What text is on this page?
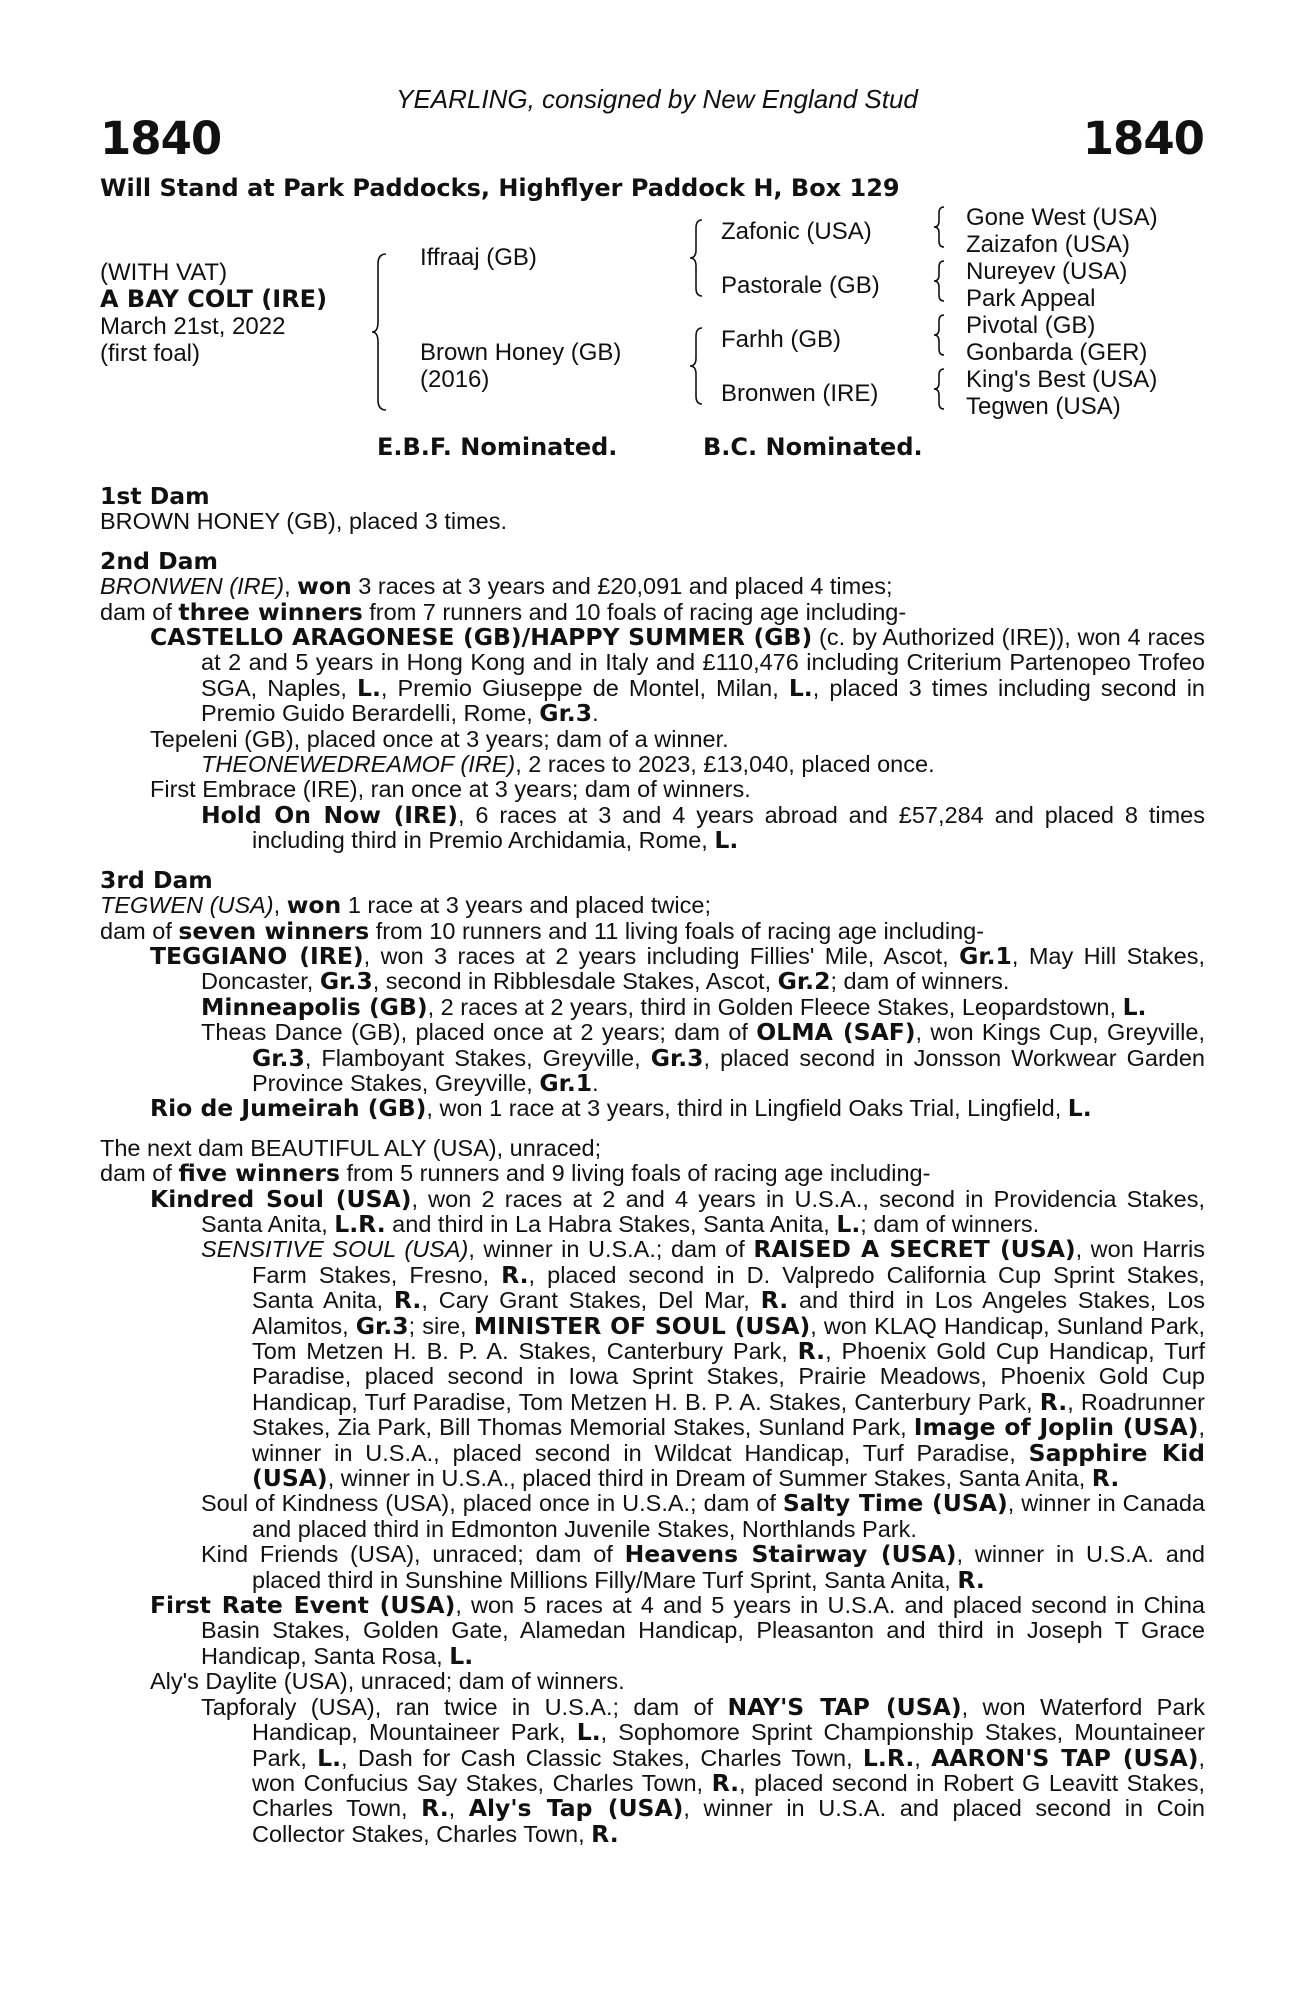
YEARLING, consigned by New England Stud
1840	1840
Will Stand at Park Paddocks, Highflyer Paddock H, Box 129
(WITH VAT)
A BAY COLT (IRE)
March 21st, 2022
(first foal)
Iffraaj (GB)
Brown Honey (GB)
(2016)
Zafonic (USA)
Pastorale (GB)
Farhh (GB)
Bronwen (IRE)
Gone West (USA)
Zaizafon (USA)
Nureyev (USA)
Park Appeal
Pivotal (GB)
Gonbarda (GER)
King's Best (USA)
Tegwen (USA)
E.B.F. Nominated.	B.C. Nominated.

1st Dam

BROWN HONEY (GB), placed 3 times.

2nd Dam

BRONWEN (IRE), won 3 races at 3 years and £20,091 and placed 4 times;

dam of three winners from 7 runners and 10 foals of racing age including-

CASTELLO ARAGONESE (GB)/HAPPY SUMMER (GB) (c. by Authorized (IRE)), won 4 races at 2 and 5 years in Hong Kong and in Italy and £110,476 including Criterium Partenopeo Trofeo SGA, Naples, L., Premio Giuseppe de Montel, Milan, L., placed 3 times including second in Premio Guido Berardelli, Rome, Gr.3.

Tepeleni (GB), placed once at 3 years; dam of a winner.

THEONEWEDREAMOF (IRE), 2 races to 2023, £13,040, placed once.

First Embrace (IRE), ran once at 3 years; dam of winners.

Hold On Now (IRE), 6 races at 3 and 4 years abroad and £57,284 and placed 8 times including third in Premio Archidamia, Rome, L.

3rd Dam

TEGWEN (USA), won 1 race at 3 years and placed twice;

dam of seven winners from 10 runners and 11 living foals of racing age including-

TEGGIANO (IRE), won 3 races at 2 years including Fillies' Mile, Ascot, Gr.1, May Hill Stakes, Doncaster, Gr.3, second in Ribblesdale Stakes, Ascot, Gr.2; dam of winners.

Minneapolis (GB), 2 races at 2 years, third in Golden Fleece Stakes, Leopardstown, L.

Theas Dance (GB), placed once at 2 years; dam of OLMA (SAF), won Kings Cup, Greyville, Gr.3, Flamboyant Stakes, Greyville, Gr.3, placed second in Jonsson Workwear Garden Province Stakes, Greyville, Gr.1.

Rio de Jumeirah (GB), won 1 race at 3 years, third in Lingfield Oaks Trial, Lingfield, L.

The next dam BEAUTIFUL ALY (USA), unraced;

dam of five winners from 5 runners and 9 living foals of racing age including-

Kindred Soul (USA), won 2 races at 2 and 4 years in U.S.A., second in Providencia Stakes, Santa Anita, L.R. and third in La Habra Stakes, Santa Anita, L.; dam of winners.

SENSITIVE SOUL (USA), winner in U.S.A.; dam of RAISED A SECRET (USA), won Harris Farm Stakes, Fresno, R., placed second in D. Valpredo California Cup Sprint Stakes, Santa Anita, R., Cary Grant Stakes, Del Mar, R. and third in Los Angeles Stakes, Los Alamitos, Gr.3; sire, MINISTER OF SOUL (USA), won KLAQ Handicap, Sunland Park, Tom Metzen H. B. P. A. Stakes, Canterbury Park, R., Phoenix Gold Cup Handicap, Turf Paradise, placed second in Iowa Sprint Stakes, Prairie Meadows, Phoenix Gold Cup Handicap, Turf Paradise, Tom Metzen H. B. P. A. Stakes, Canterbury Park, R., Roadrunner Stakes, Zia Park, Bill Thomas Memorial Stakes, Sunland Park, Image of Joplin (USA), winner in U.S.A., placed second in Wildcat Handicap, Turf Paradise, Sapphire Kid (USA), winner in U.S.A., placed third in Dream of Summer Stakes, Santa Anita, R.

Soul of Kindness (USA), placed once in U.S.A.; dam of Salty Time (USA), winner in Canada and placed third in Edmonton Juvenile Stakes, Northlands Park.

Kind Friends (USA), unraced; dam of Heavens Stairway (USA), winner in U.S.A. and placed third in Sunshine Millions Filly/Mare Turf Sprint, Santa Anita, R.

First Rate Event (USA), won 5 races at 4 and 5 years in U.S.A. and placed second in China Basin Stakes, Golden Gate, Alamedan Handicap, Pleasanton and third in Joseph T Grace Handicap, Santa Rosa, L.

Aly's Daylite (USA), unraced; dam of winners.

Tapforaly (USA), ran twice in U.S.A.; dam of NAY'S TAP (USA), won Waterford Park Handicap, Mountaineer Park, L., Sophomore Sprint Championship Stakes, Mountaineer Park, L., Dash for Cash Classic Stakes, Charles Town, L.R., AARON'S TAP (USA), won Confucius Say Stakes, Charles Town, R., placed second in Robert G Leavitt Stakes, Charles Town, R., Aly's Tap (USA), winner in U.S.A. and placed second in Coin Collector Stakes, Charles Town, R.
